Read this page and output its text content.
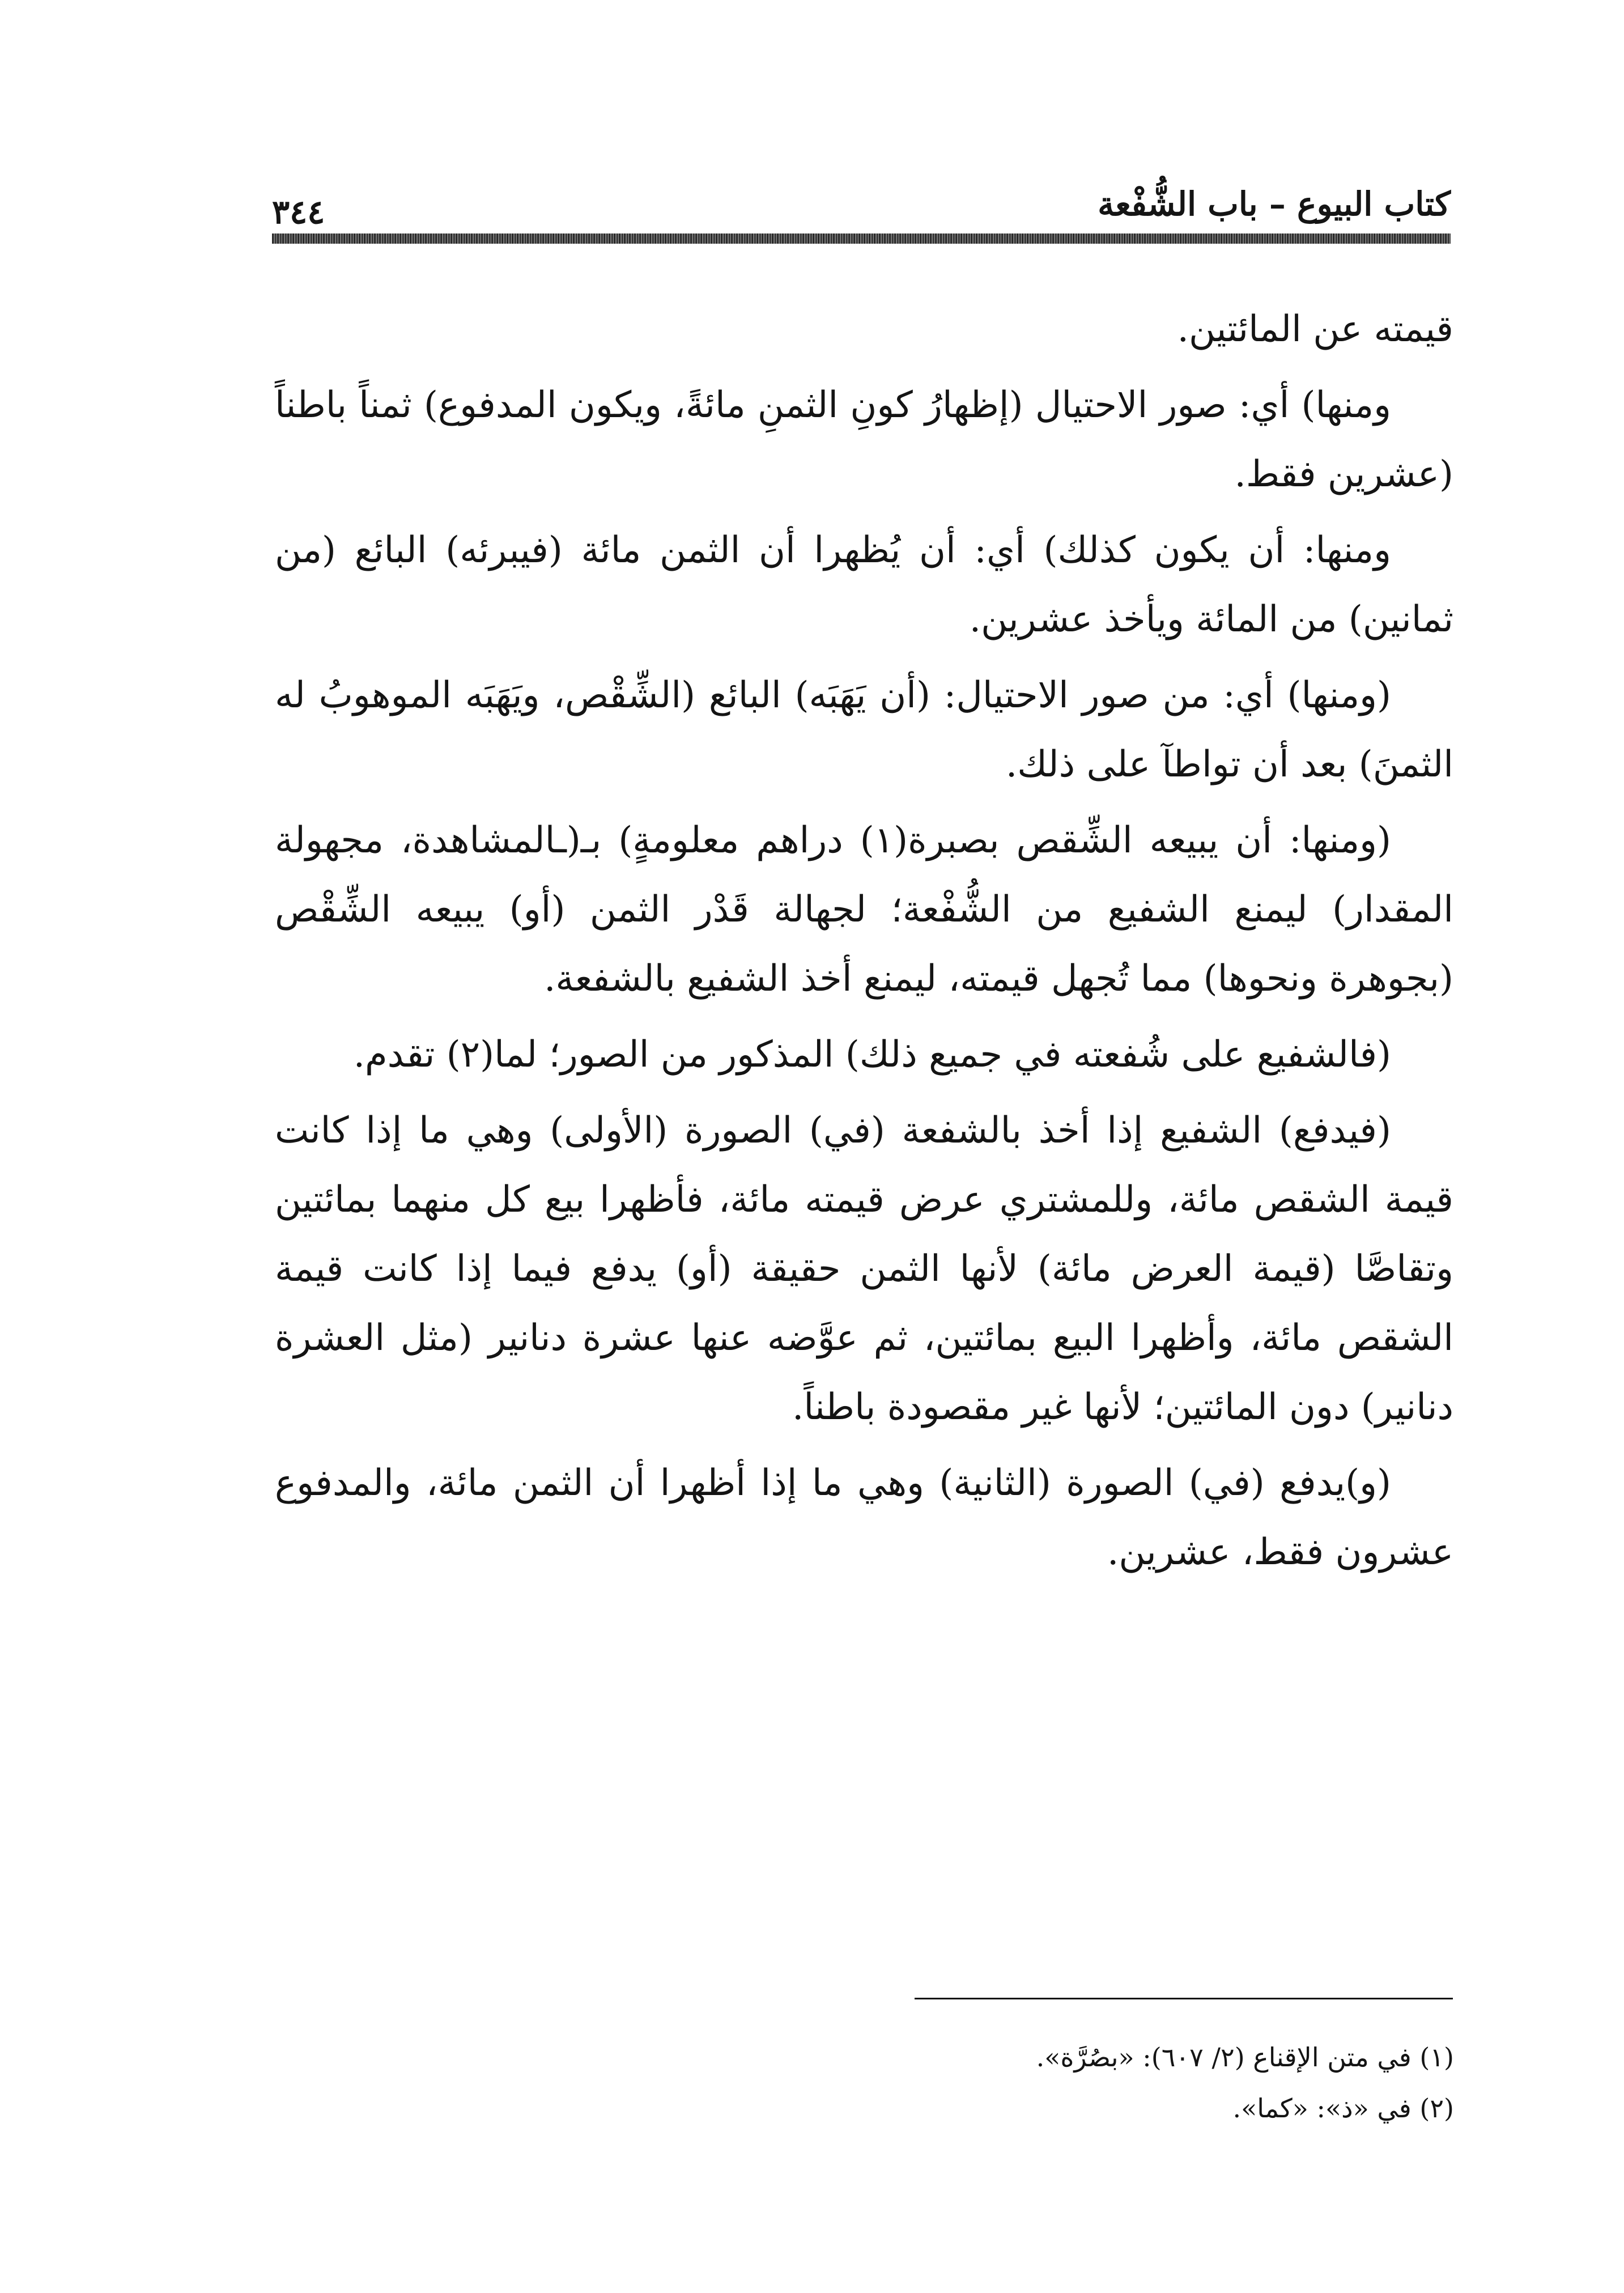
كتاب البيوع – باب الشُّفْعة
٣٤٤

قيمته عن المائتين.

ومنها) أي: صور الاحتيال (إظهارُ كونِ الثمنِ مائةً، ويكون المدفوع) ثمناً باطناً (عشرين فقط.

ومنها: أن يكون كذلك) أي: أن يُظهرا أن الثمن مائة (فيبرئه) البائع (من ثمانين) من المائة ويأخذ عشرين.

(ومنها) أي: من صور الاحتيال: (أن يَهَبَه) البائع (الشِّقْص، ويَهَبَه الموهوبُ له الثمنَ) بعد أن تواطآ على ذلك.

(ومنها: أن يبيعه الشِّقص بصبرة(١) دراهم معلومةٍ) بـ(ـالمشاهدة، مجهولة المقدار) ليمنع الشفيع من الشُّفْعة؛ لجهالة قَدْر الثمن (أو) يبيعه الشِّقْص (بجوهرة ونحوها) مما تُجهل قيمته، ليمنع أخذ الشفيع بالشفعة.

(فالشفيع على شُفعته في جميع ذلك) المذكور من الصور؛ لما(٢) تقدم.

(فيدفع) الشفيع إذا أخذ بالشفعة (في) الصورة (الأولى) وهي ما إذا كانت قيمة الشقص مائة، وللمشتري عرض قيمته مائة، فأظهرا بيع كل منهما بمائتين وتقاصَّا (قيمة العرض مائة) لأنها الثمن حقيقة (أو) يدفع فيما إذا كانت قيمة الشقص مائة، وأظهرا البيع بمائتين، ثم عوَّضه عنها عشرة دنانير (مثل العشرة دنانير) دون المائتين؛ لأنها غير مقصودة باطناً.

(و)يدفع (في) الصورة (الثانية) وهي ما إذا أظهرا أن الثمن مائة، والمدفوع عشرون فقط، عشرين.

(١) في متن الإقناع (٢/ ٦٠٧): «بصُرَّة».

(٢) في «ذ»: «كما».
